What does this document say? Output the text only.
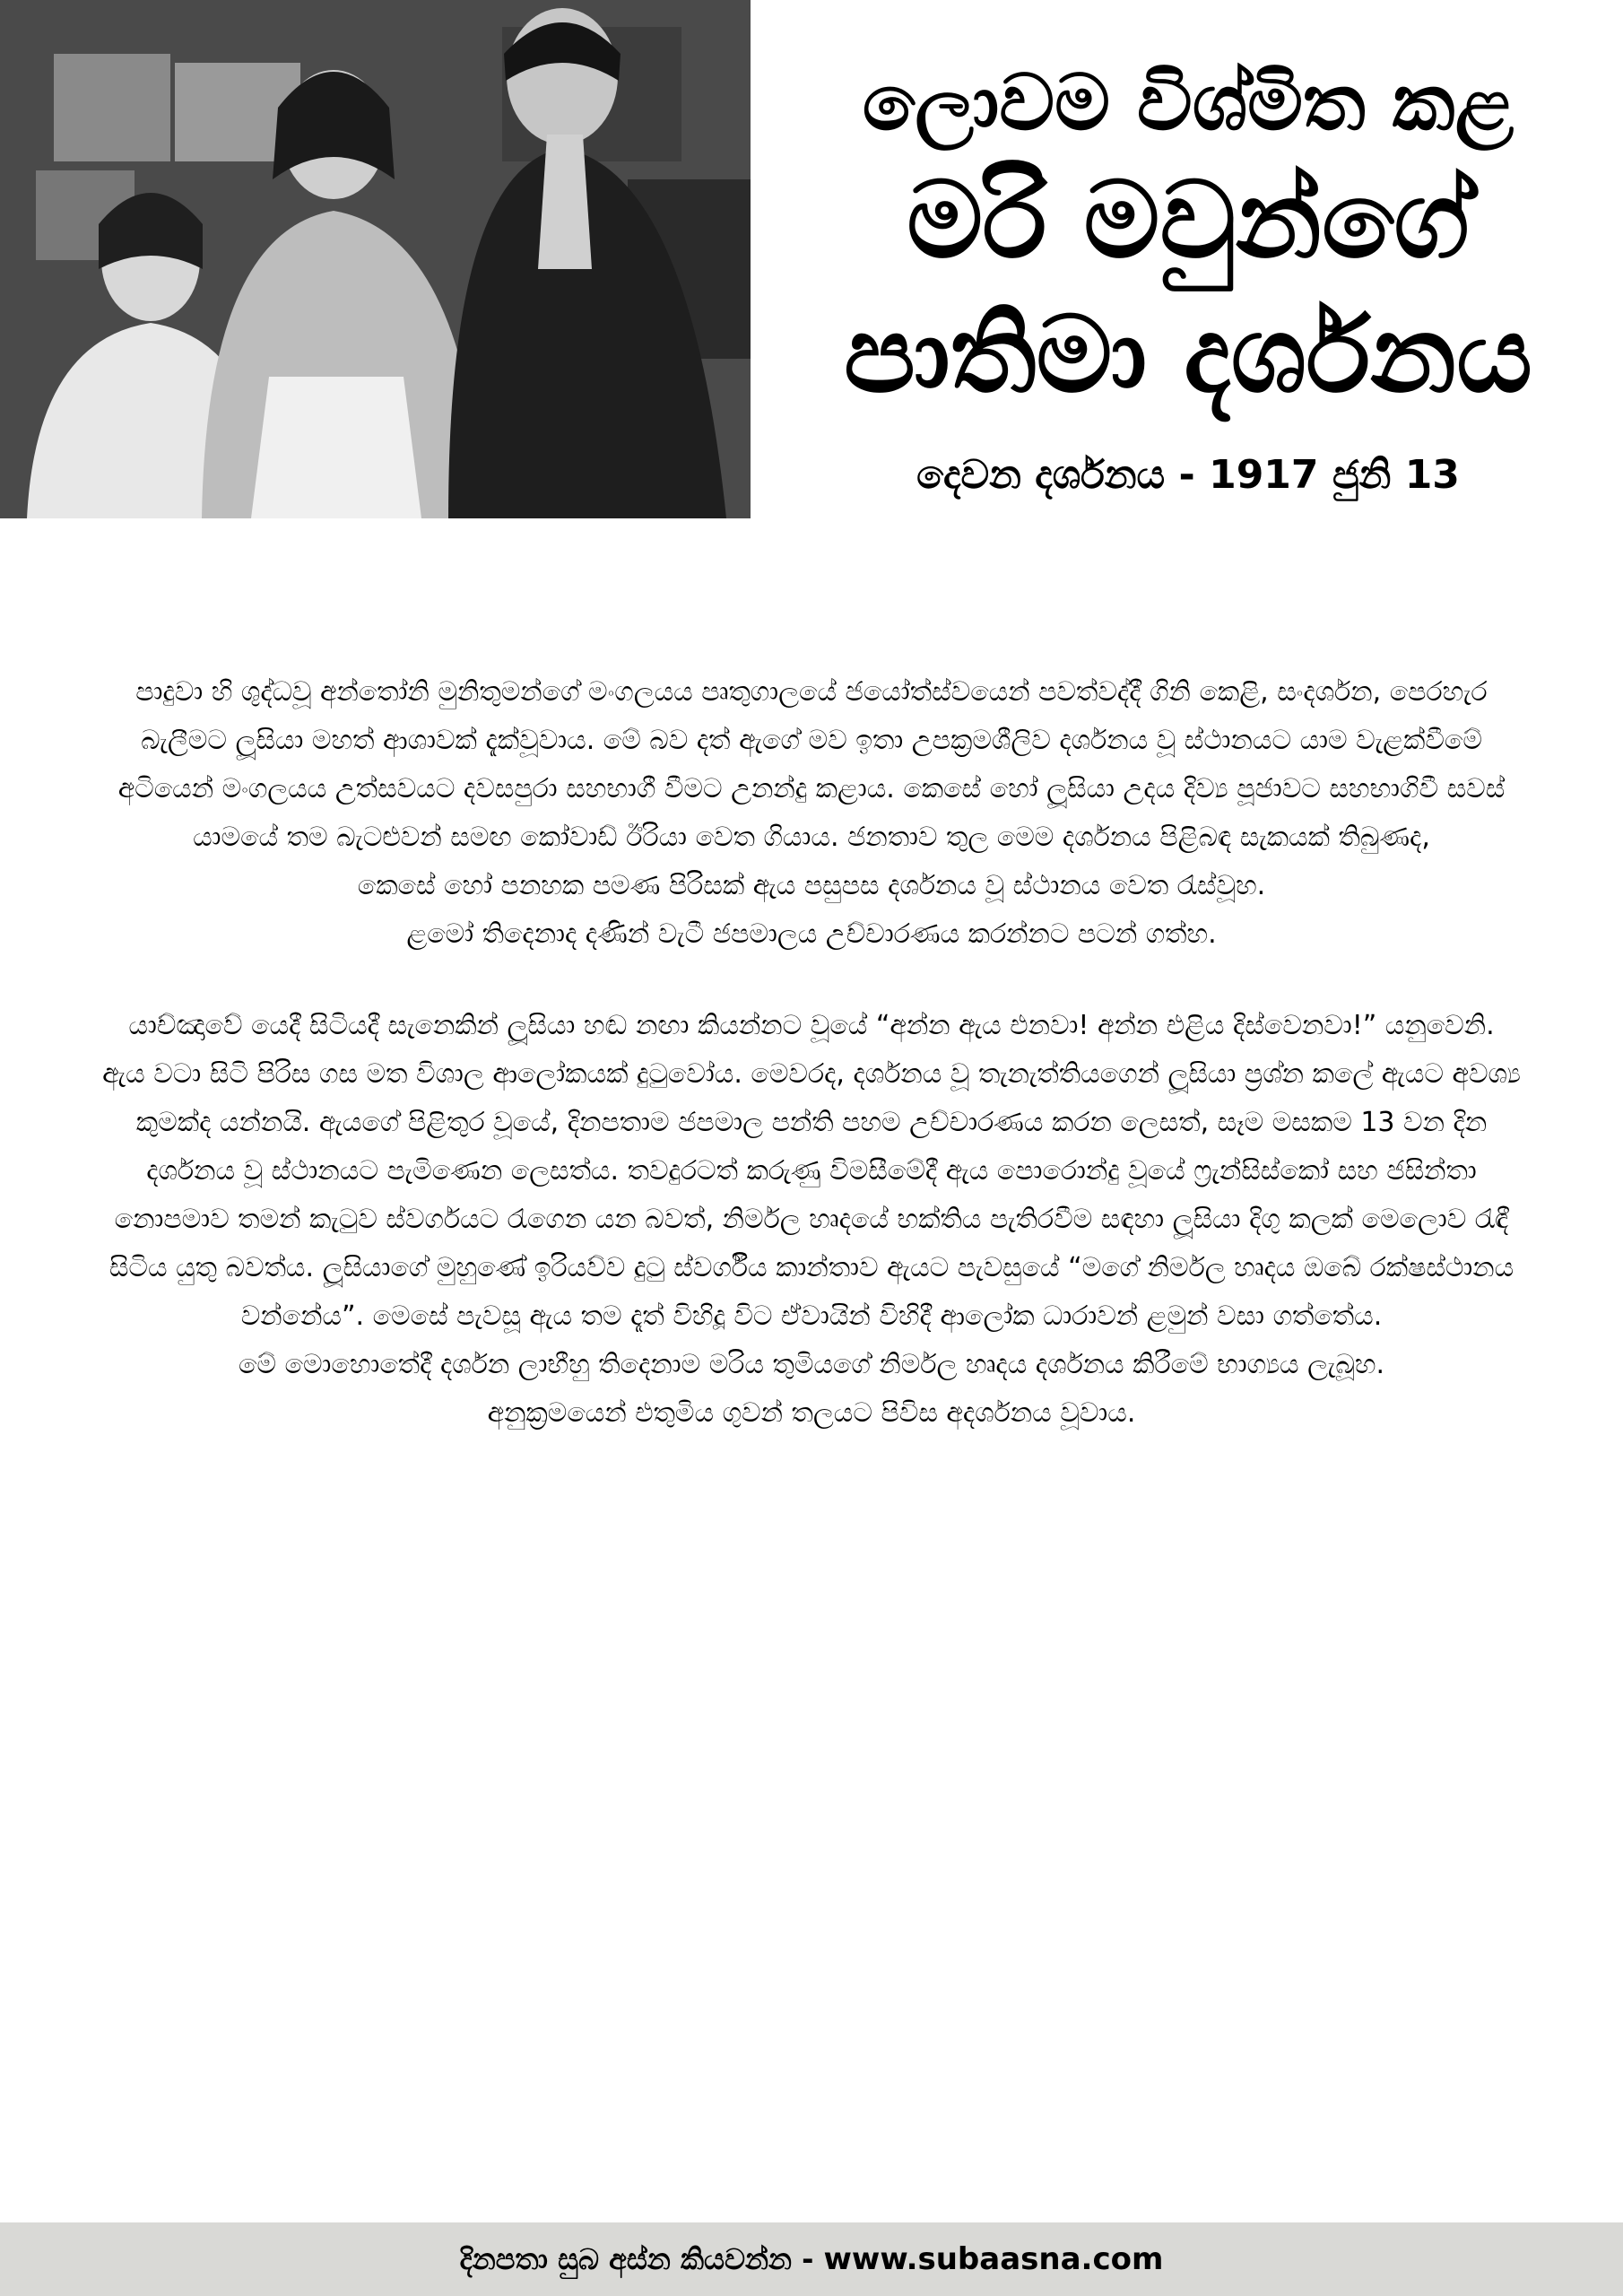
ලොවම විශ්මිත කළ
මරි මවුන්ගේ
පාතිමා දර්ශනය
දෙවන දර්ශනය - 1917 ජුනි 13
පාදුවා හි ශුද්ධවූ අන්තෝනි මුනිතුමන්ගේ මංගලයය පෘතුගාලයේ ජයෝත්ස්වයෙන් පවත්වද්දී ගිනි කෙළි, සංදර්ශන, පෙරහැර
බැලීමට ලූසියා මහත් ආශාවක් දැක්වූවාය. මේ බව දත් ඇගේ මව ඉතා උපක්‍රමශීලිව දර්ශනය වූ ස්ථානයට යාම වැළක්වීමේ
අටියෙන් මංගලයය උත්සවයට දවසපුරා සහභාගී වීමට උනන්දු කළාය. කෙසේ හෝ ලූසියා උදය දිව්‍ය පූජාවට සහභාගිවී සවස්
යාමයේ තම බැටළුවන් සමඟ කෝවාඩ් ඊරියා වෙත ගියාය. ජනතාව තුල මෙම දර්ශනය පිළිබඳ සැකයක් තිබුණද,
කෙසේ හෝ පනහක පමණ පිරිසක් ඇය පසුපස දර්ශනය වූ ස්ථානය වෙත රැස්වූහ.
ළමෝ තිදෙනාද දණින් වැටී ජපමාලය උච්චාරණය කරන්නට පටන් ගත්හ.
යාච්ඤාවේ යෙදී සිටියදී සැනෙකින් ලූසියා හඬ නඟා කියන්නට වූයේ “අන්න ඇය එනවා! අන්න එළිය දිස්වෙනවා!” යනුවෙනි.
ඇය වටා සිටි පිරිස ගස මත විශාල ආලෝකයක් දුටුවෝය. මෙවරද, දර්ශනය වූ තැනැත්තියගෙන් ලූසියා ප්‍රශ්න කලේ ඇයට අවශ්‍ය
කුමක්ද යන්නයි. ඇයගේ පිළිතුර වූයේ, දිනපතාම ජපමාල පන්ති පහම උච්චාරණය කරන ලෙසත්, සෑම මසකම 13 වන දින
දර්ශනය වූ ස්ථානයට පැමිණෙන ලෙසත්ය. තවදුරටත් කරුණු විමසීමේදී ඇය පොරොන්දු වූයේ ෆ්‍රැන්සිස්කෝ සහ ජසින්තා
නොපමාව තමන් කැටුව ස්වර්ගයට රැගෙන යන බවත්, නිර්මල හෘදයේ භක්තිය පැතිරවීම සඳහා ලූසියා දිගු කලක් මෙලොව රැඳී
සිටිය යුතු බවත්ය. ලූසියාගේ මුහුණේ ඉරියව්ව දුටු ස්වර්ගීය කාන්තාව ඇයට පැවසුයේ “මගේ නිර්මල හෘදය ඔබේ රක්ෂස්ථානය
වන්නේය”. මෙසේ පැවසූ ඇය තම දෑත් විහිදූ විට ඒවායින් විහිදී ආලෝක ධාරාවන් ළමුන් වසා ගත්තේය.
මේ මොහොතේදී දර්ශන ලාභීහු තිදෙනාම මරිය තුමියගේ නිර්මල හෘදය දර්ශනය කිරීමේ භාග්‍යය ලැබූහ.
අනුක්‍රමයෙන් එතුමිය ගුවන් තලයට පිවිස අදර්ශනය වූවාය.
දිනපතා සුබ අස්න කියවන්න - www.subaasna.com
